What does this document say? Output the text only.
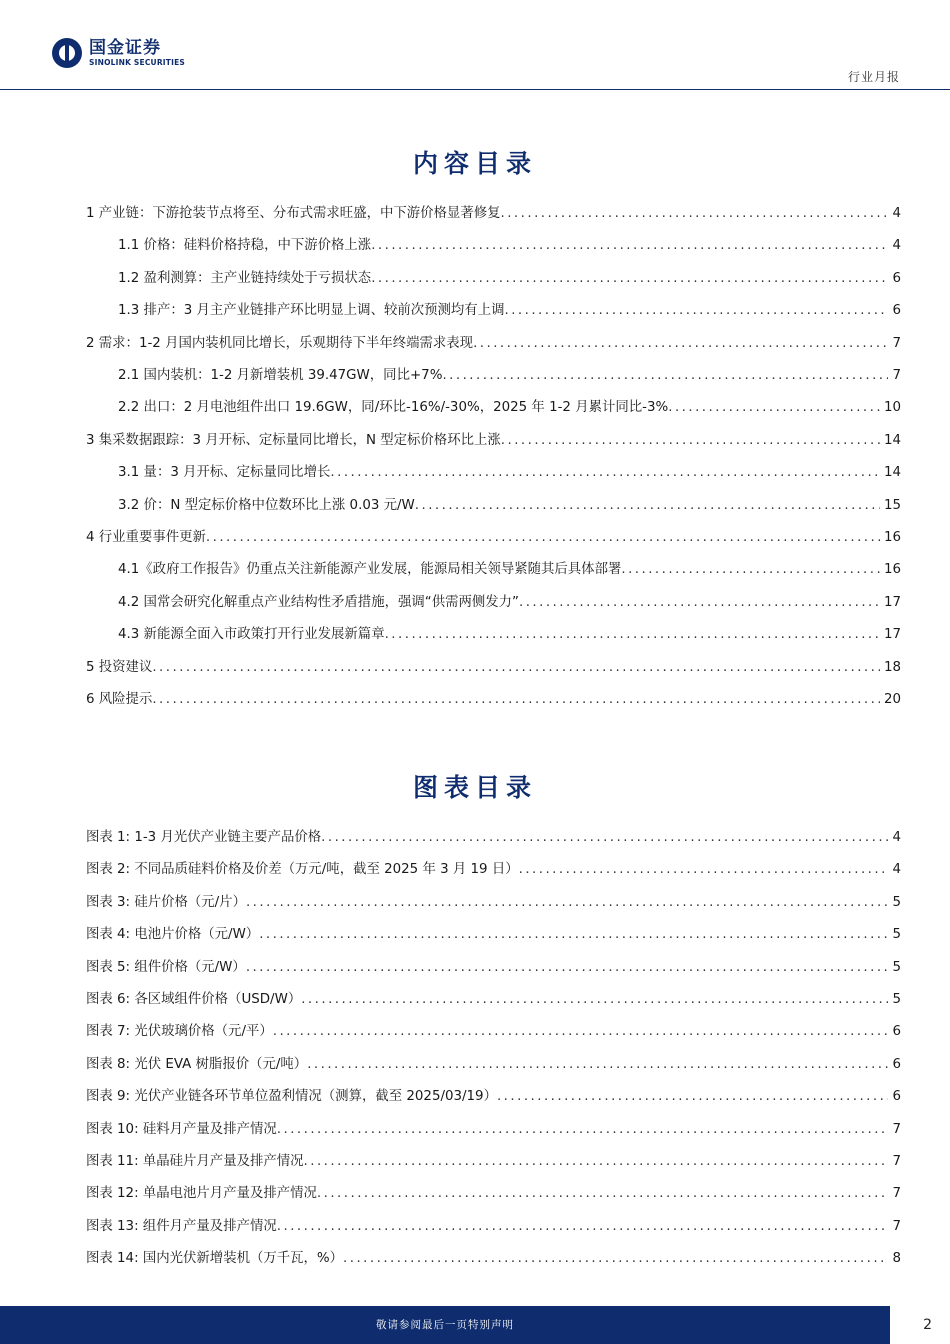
国金证券
SINOLINK SECURITIES
行业月报
内容目录
1 产业链：下游抢装节点将至、分布式需求旺盛，中下游价格显著修复 . . .	4
1.1 价格：硅料价格持稳，中下游价格上涨 . . .	4
1.2 盈利测算：主产业链持续处于亏损状态 . . .	6
1.3 排产：3 月主产业链排产环比明显上调、较前次预测均有上调 . . .	6
2 需求：1-2 月国内装机同比增长，乐观期待下半年终端需求表现 . . .	7
2.1 国内装机：1-2 月新增装机 39.47GW，同比+7% . . .	7
2.2 出口：2 月电池组件出口 19.6GW，同/环比-16%/-30%，2025 年 1-2 月累计同比-3% . . .	10
3 集采数据跟踪：3 月开标、定标量同比增长，N 型定标价格环比上涨 . . .	14
3.1 量：3 月开标、定标量同比增长 . . .	14
3.2 价：N 型定标价格中位数环比上涨 0.03 元/W . . .	15
4 行业重要事件更新 . . .	16
4.1《政府工作报告》仍重点关注新能源产业发展，能源局相关领导紧随其后具体部署 . . .	16
4.2 国常会研究化解重点产业结构性矛盾措施，强调“供需两侧发力” . . .	17
4.3 新能源全面入市政策打开行业发展新篇章 . . .	17
5 投资建议 . . .	18
6 风险提示 . . .	20
图表目录
图表 1: 1-3 月光伏产业链主要产品价格 . . .	4
图表 2: 不同品质硅料价格及价差（万元/吨，截至 2025 年 3 月 19 日） . . .	4
图表 3: 硅片价格（元/片） . . .	5
图表 4: 电池片价格（元/W） . . .	5
图表 5: 组件价格（元/W） . . .	5
图表 6: 各区域组件价格（USD/W） . . .	5
图表 7: 光伏玻璃价格（元/平） . . .	6
图表 8: 光伏 EVA 树脂报价（元/吨） . . .	6
图表 9: 光伏产业链各环节单位盈利情况（测算，截至 2025/03/19） . . .	6
图表 10: 硅料月产量及排产情况 . . .	7
图表 11: 单晶硅片月产量及排产情况 . . .	7
图表 12: 单晶电池片月产量及排产情况 . . .	7
图表 13: 组件月产量及排产情况 . . .	7
图表 14: 国内光伏新增装机（万千瓦，%） . . .	8
敬请参阅最后一页特别声明	2
